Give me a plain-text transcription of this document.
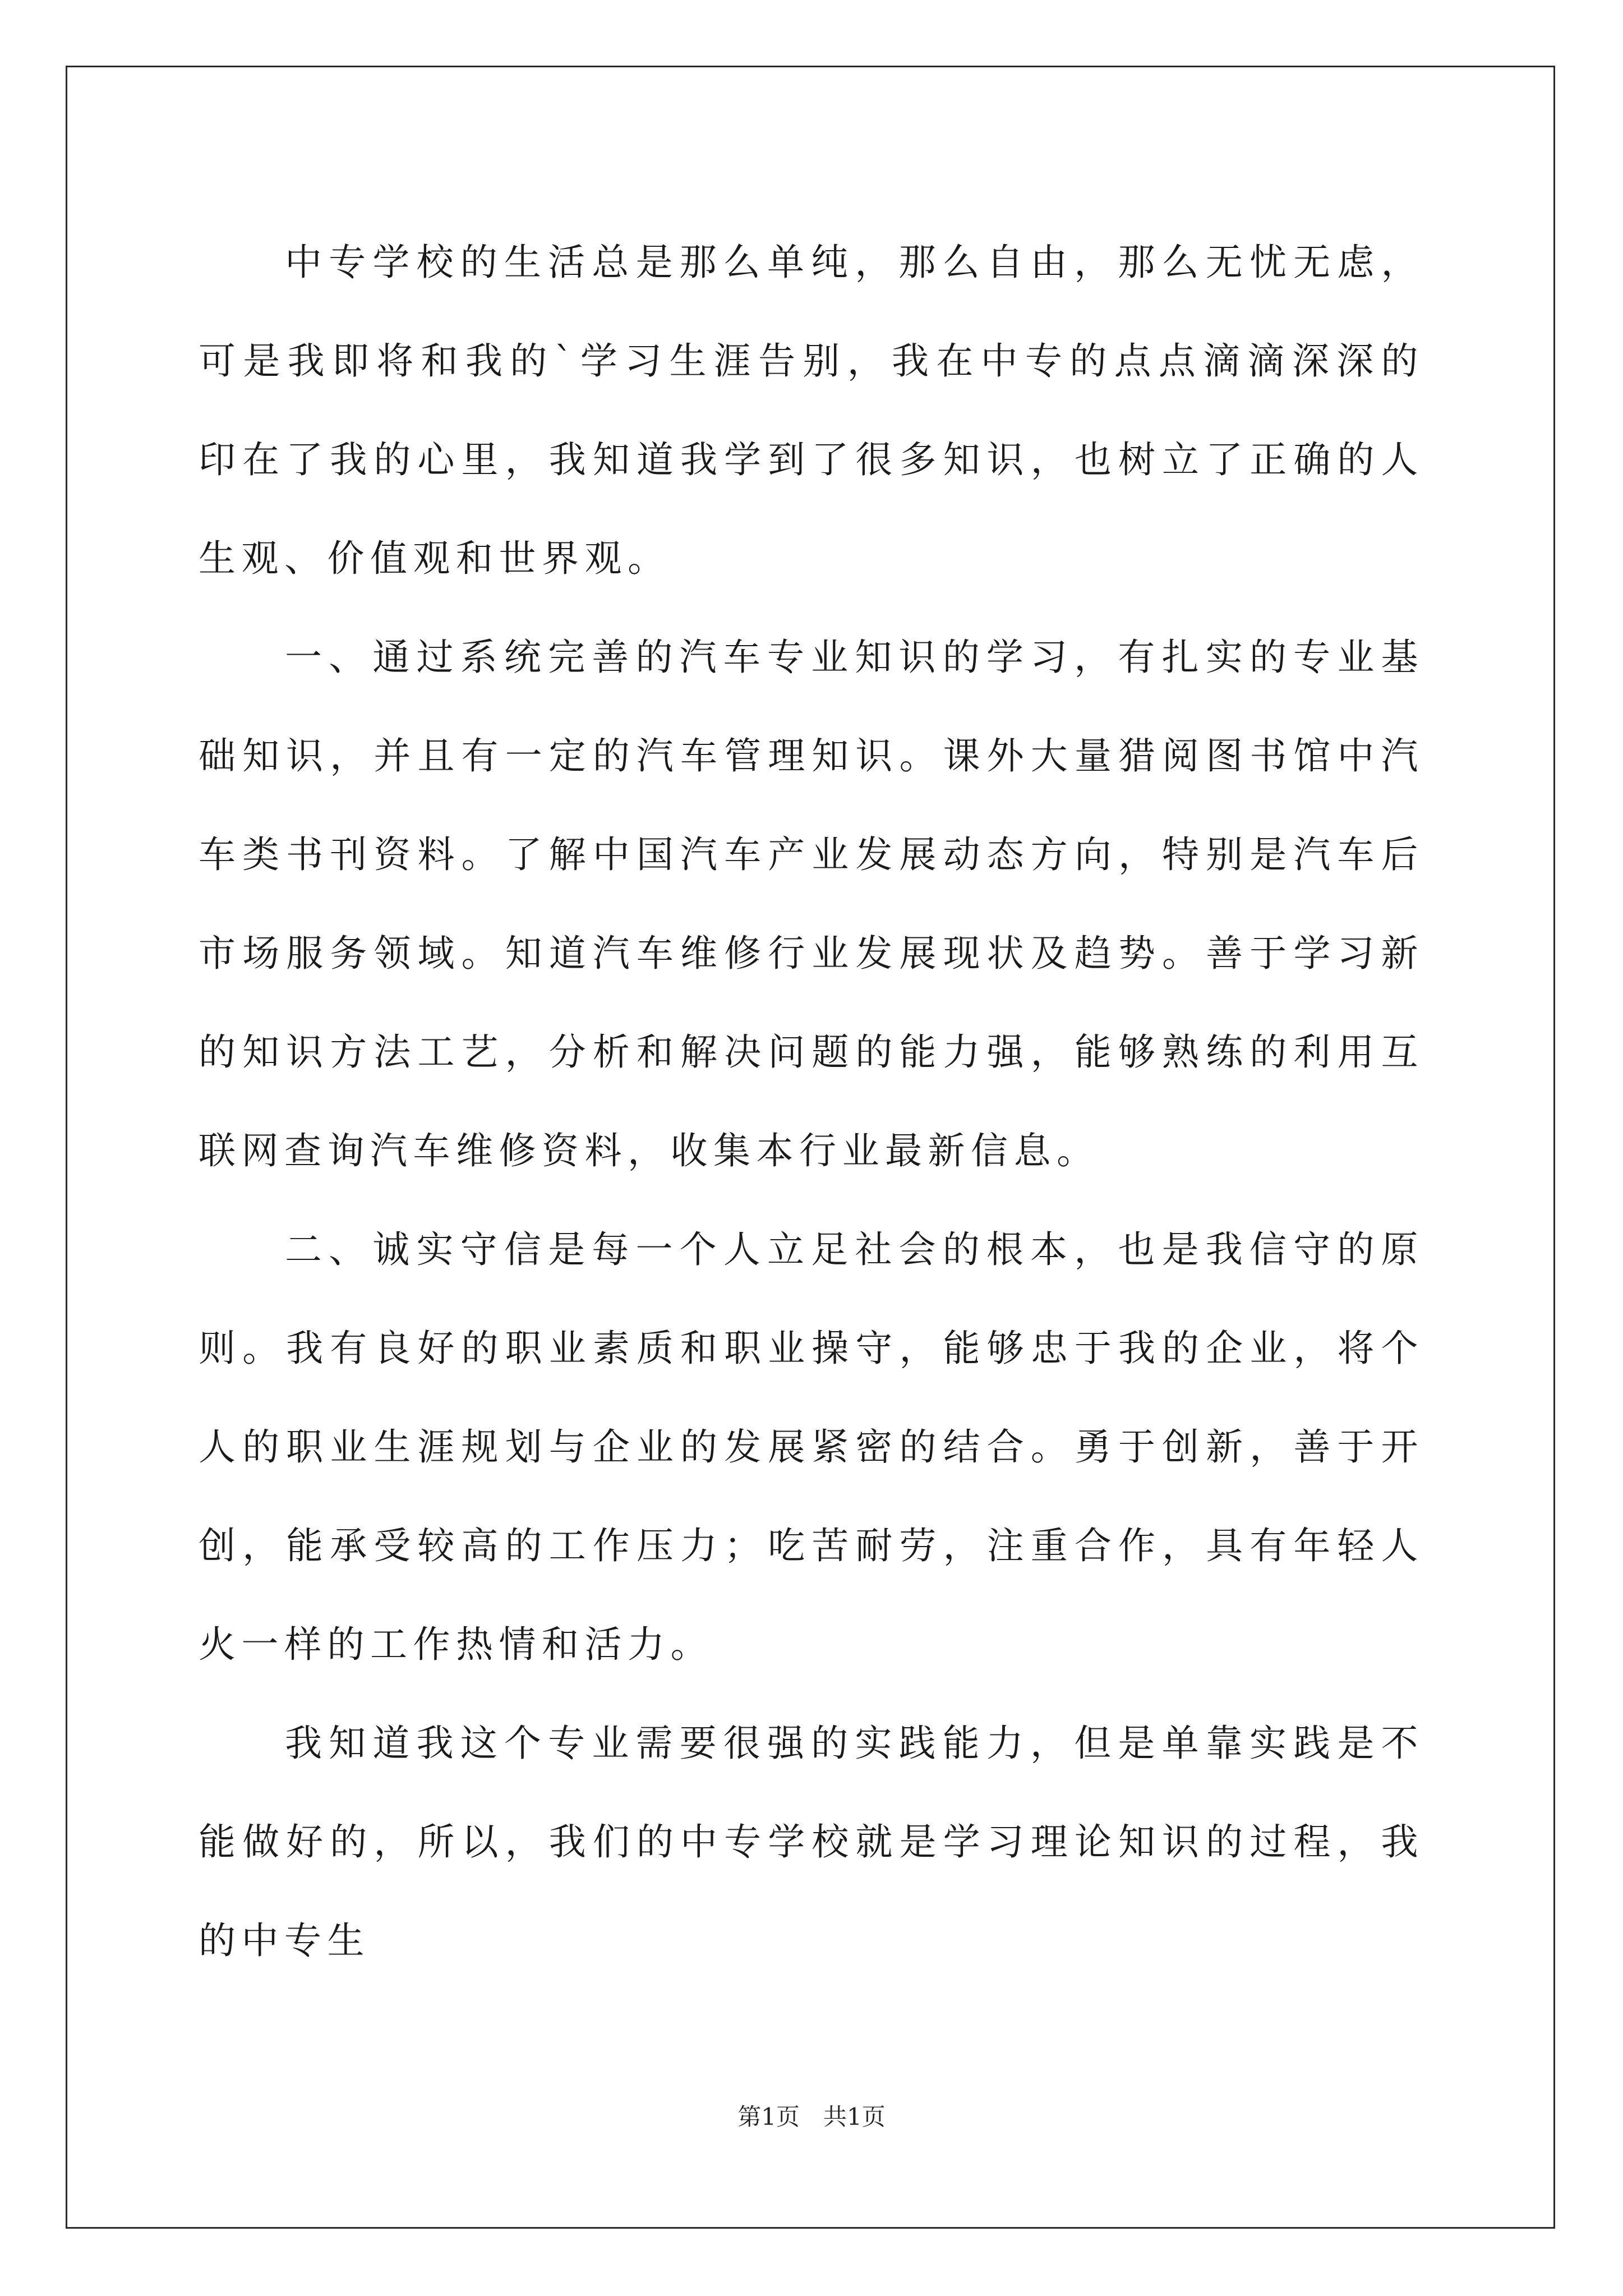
中专学校的生活总是那么单纯，那么自由，那么无忧无虑，可是我即将和我的`学习生涯告别，我在中专的点点滴滴深深的印在了我的心里，我知道我学到了很多知识，也树立了正确的人生观、价值观和世界观。

一、通过系统完善的汽车专业知识的学习，有扎实的专业基础知识，并且有一定的汽车管理知识。课外大量猎阅图书馆中汽车类书刊资料。了解中国汽车产业发展动态方向，特别是汽车后市场服务领域。知道汽车维修行业发展现状及趋势。善于学习新的知识方法工艺，分析和解决问题的能力强，能够熟练的利用互联网查询汽车维修资料，收集本行业最新信息。

二、诚实守信是每一个人立足社会的根本，也是我信守的原则。我有良好的职业素质和职业操守，能够忠于我的企业，将个人的职业生涯规划与企业的发展紧密的结合。勇于创新，善于开创，能承受较高的工作压力；吃苦耐劳，注重合作，具有年轻人火一样的工作热情和活力。

我知道我这个专业需要很强的实践能力，但是单靠实践是不能做好的，所以，我们的中专学校就是学习理论知识的过程，我的中专生

第1页　共1页
